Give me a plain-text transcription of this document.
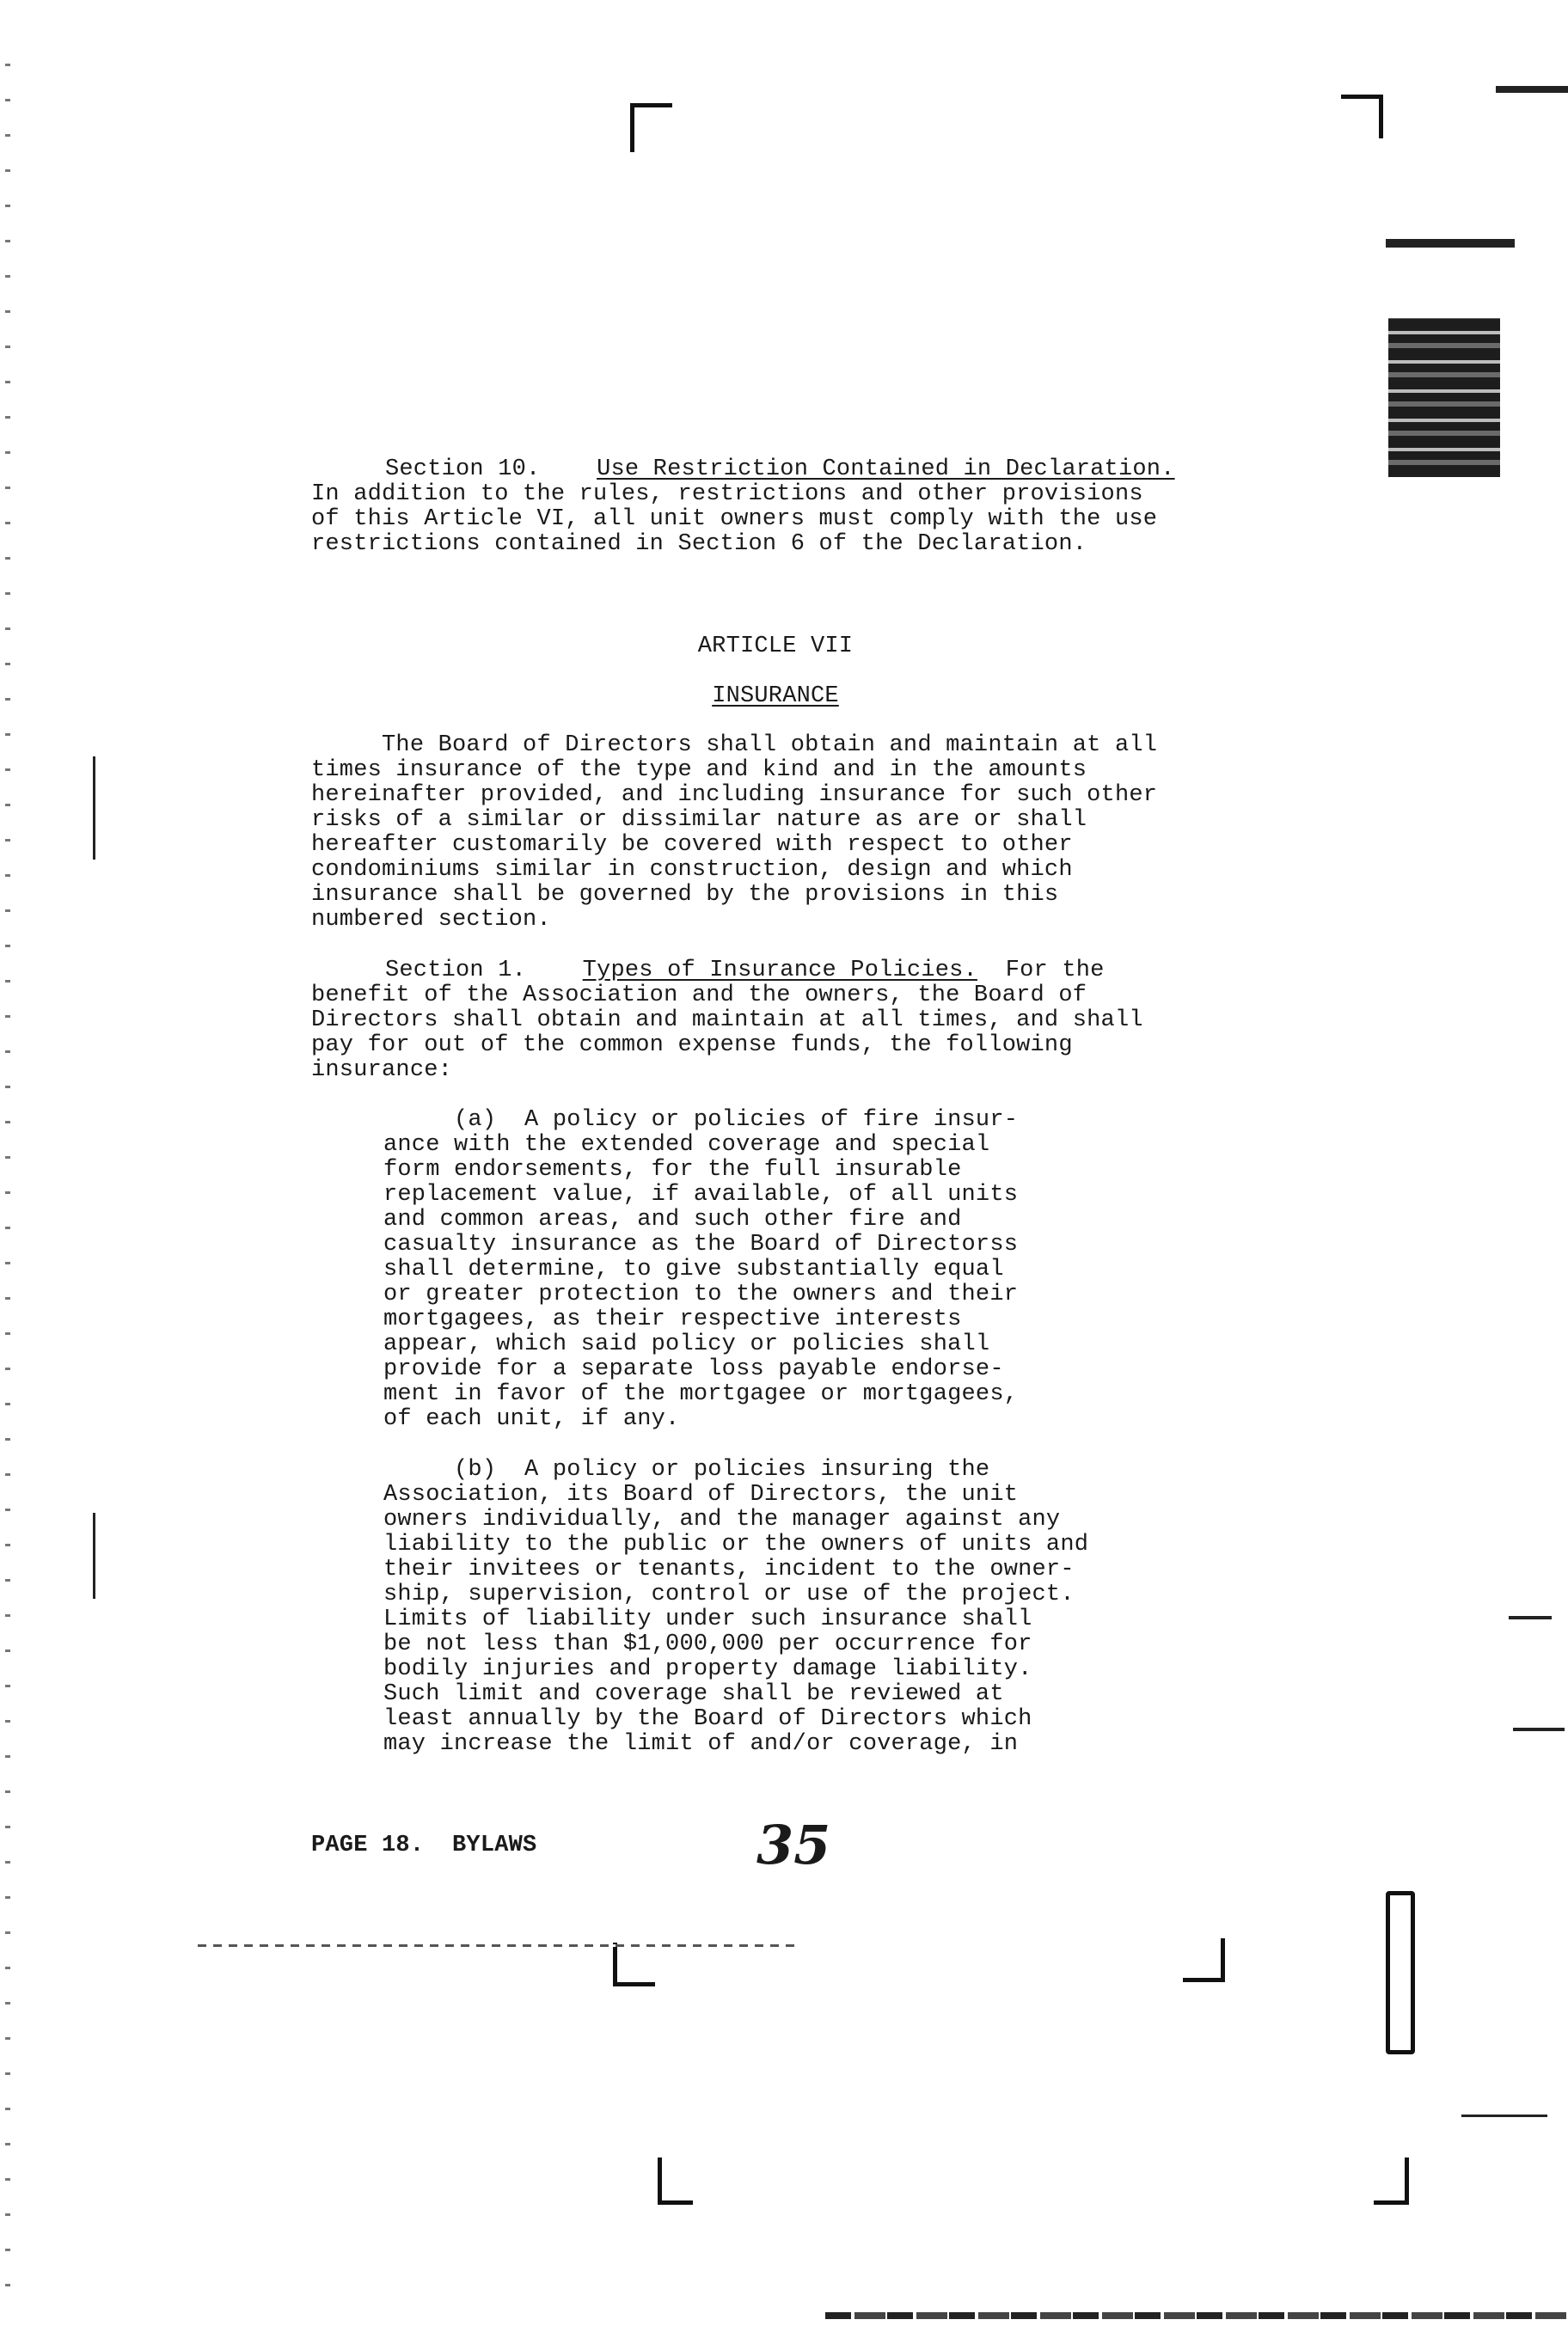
Section 10. Use Restriction Contained in Declaration.
In addition to the rules, restrictions and other provisions
of this Article VI, all unit owners must comply with the use
restrictions contained in Section 6 of the Declaration.
ARTICLE VII
INSURANCE
The Board of Directors shall obtain and maintain at all
times insurance of the type and kind and in the amounts
hereinafter provided, and including insurance for such other
risks of a similar or dissimilar nature as are or shall
hereafter customarily be covered with respect to other
condominiums similar in construction, design and which
insurance shall be governed by the provisions in this
numbered section.
Section 1. Types of Insurance Policies. For the
benefit of the Association and the owners, the Board of
Directors shall obtain and maintain at all times, and shall
pay for out of the common expense funds, the following
insurance:
(a)  A policy or policies of fire insur-
ance with the extended coverage and special
form endorsements, for the full insurable
replacement value, if available, of all units
and common areas, and such other fire and
casualty insurance as the Board of Directorss
shall determine, to give substantially equal
or greater protection to the owners and their
mortgagees, as their respective interests
appear, which said policy or policies shall
provide for a separate loss payable endorse-
ment in favor of the mortgagee or mortgagees,
of each unit, if any.
(b)  A policy or policies insuring the
Association, its Board of Directors, the unit
owners individually, and the manager against any
liability to the public or the owners of units and
their invitees or tenants, incident to the owner-
ship, supervision, control or use of the project.
Limits of liability under such insurance shall
be not less than $1,000,000 per occurrence for
bodily injuries and property damage liability.
Such limit and coverage shall be reviewed at
least annually by the Board of Directors which
may increase the limit of and/or coverage, in
PAGE 18.  BYLAWS	35
